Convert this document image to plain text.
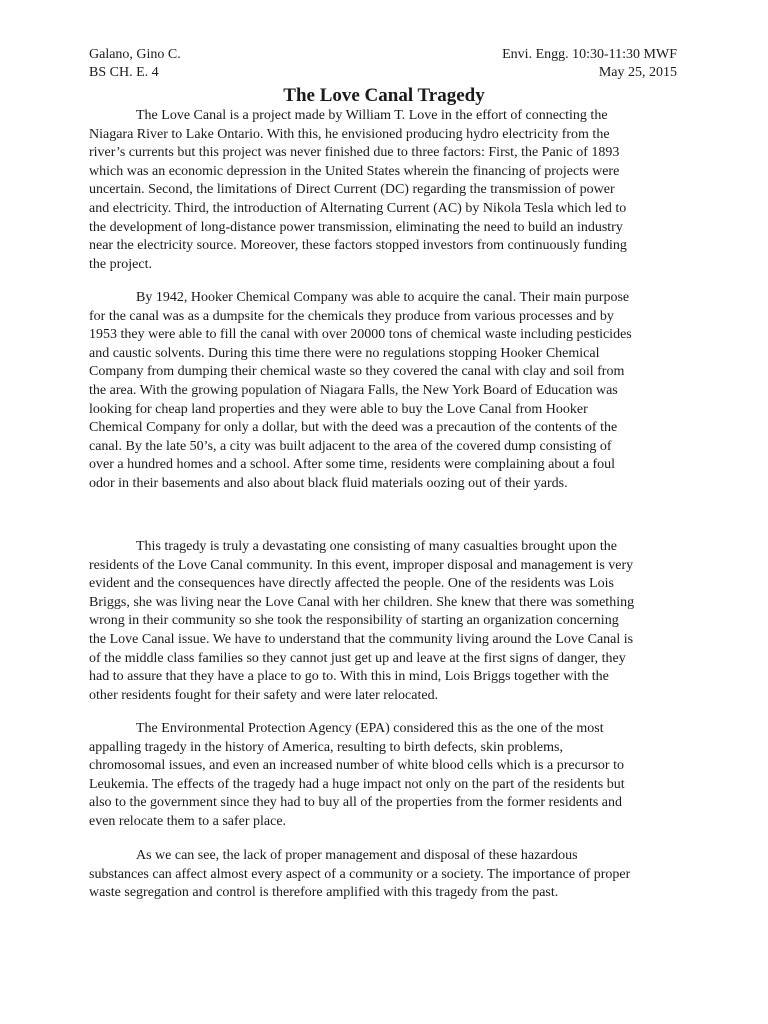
Galano, Gino C.	Envi. Engg. 10:30-11:30 MWF
BS CH. E. 4	May 25, 2015
The Love Canal Tragedy

The Love Canal is a project made by William T. Love in the effort of connecting the
Niagara River to Lake Ontario. With this, he envisioned producing hydro electricity from the
river’s currents but this project was never finished due to three factors: First, the Panic of 1893
which was an economic depression in the United States wherein the financing of projects were
uncertain. Second, the limitations of Direct Current (DC) regarding the transmission of power
and electricity. Third, the introduction of Alternating Current (AC) by Nikola Tesla which led to
the development of long-distance power transmission, eliminating the need to build an industry
near the electricity source. Moreover, these factors stopped investors from continuously funding
the project.

By 1942, Hooker Chemical Company was able to acquire the canal. Their main purpose
for the canal was as a dumpsite for the chemicals they produce from various processes and by
1953 they were able to fill the canal with over 20000 tons of chemical waste including pesticides
and caustic solvents. During this time there were no regulations stopping Hooker Chemical
Company from dumping their chemical waste so they covered the canal with clay and soil from
the area. With the growing population of Niagara Falls, the New York Board of Education was
looking for cheap land properties and they were able to buy the Love Canal from Hooker
Chemical Company for only a dollar, but with the deed was a precaution of the contents of the
canal. By the late 50’s, a city was built adjacent to the area of the covered dump consisting of
over a hundred homes and a school. After some time, residents were complaining about a foul
odor in their basements and also about black fluid materials oozing out of their yards.

This tragedy is truly a devastating one consisting of many casualties brought upon the
residents of the Love Canal community. In this event, improper disposal and management is very
evident and the consequences have directly affected the people. One of the residents was Lois
Briggs, she was living near the Love Canal with her children. She knew that there was something
wrong in their community so she took the responsibility of starting an organization concerning
the Love Canal issue. We have to understand that the community living around the Love Canal is
of the middle class families so they cannot just get up and leave at the first signs of danger, they
had to assure that they have a place to go to. With this in mind, Lois Briggs together with the
other residents fought for their safety and were later relocated.

The Environmental Protection Agency (EPA) considered this as the one of the most
appalling tragedy in the history of America, resulting to birth defects, skin problems,
chromosomal issues, and even an increased number of white blood cells which is a precursor to
Leukemia. The effects of the tragedy had a huge impact not only on the part of the residents but
also to the government since they had to buy all of the properties from the former residents and
even relocate them to a safer place.

As we can see, the lack of proper management and disposal of these hazardous
substances can affect almost every aspect of a community or a society. The importance of proper
waste segregation and control is therefore amplified with this tragedy from the past.
